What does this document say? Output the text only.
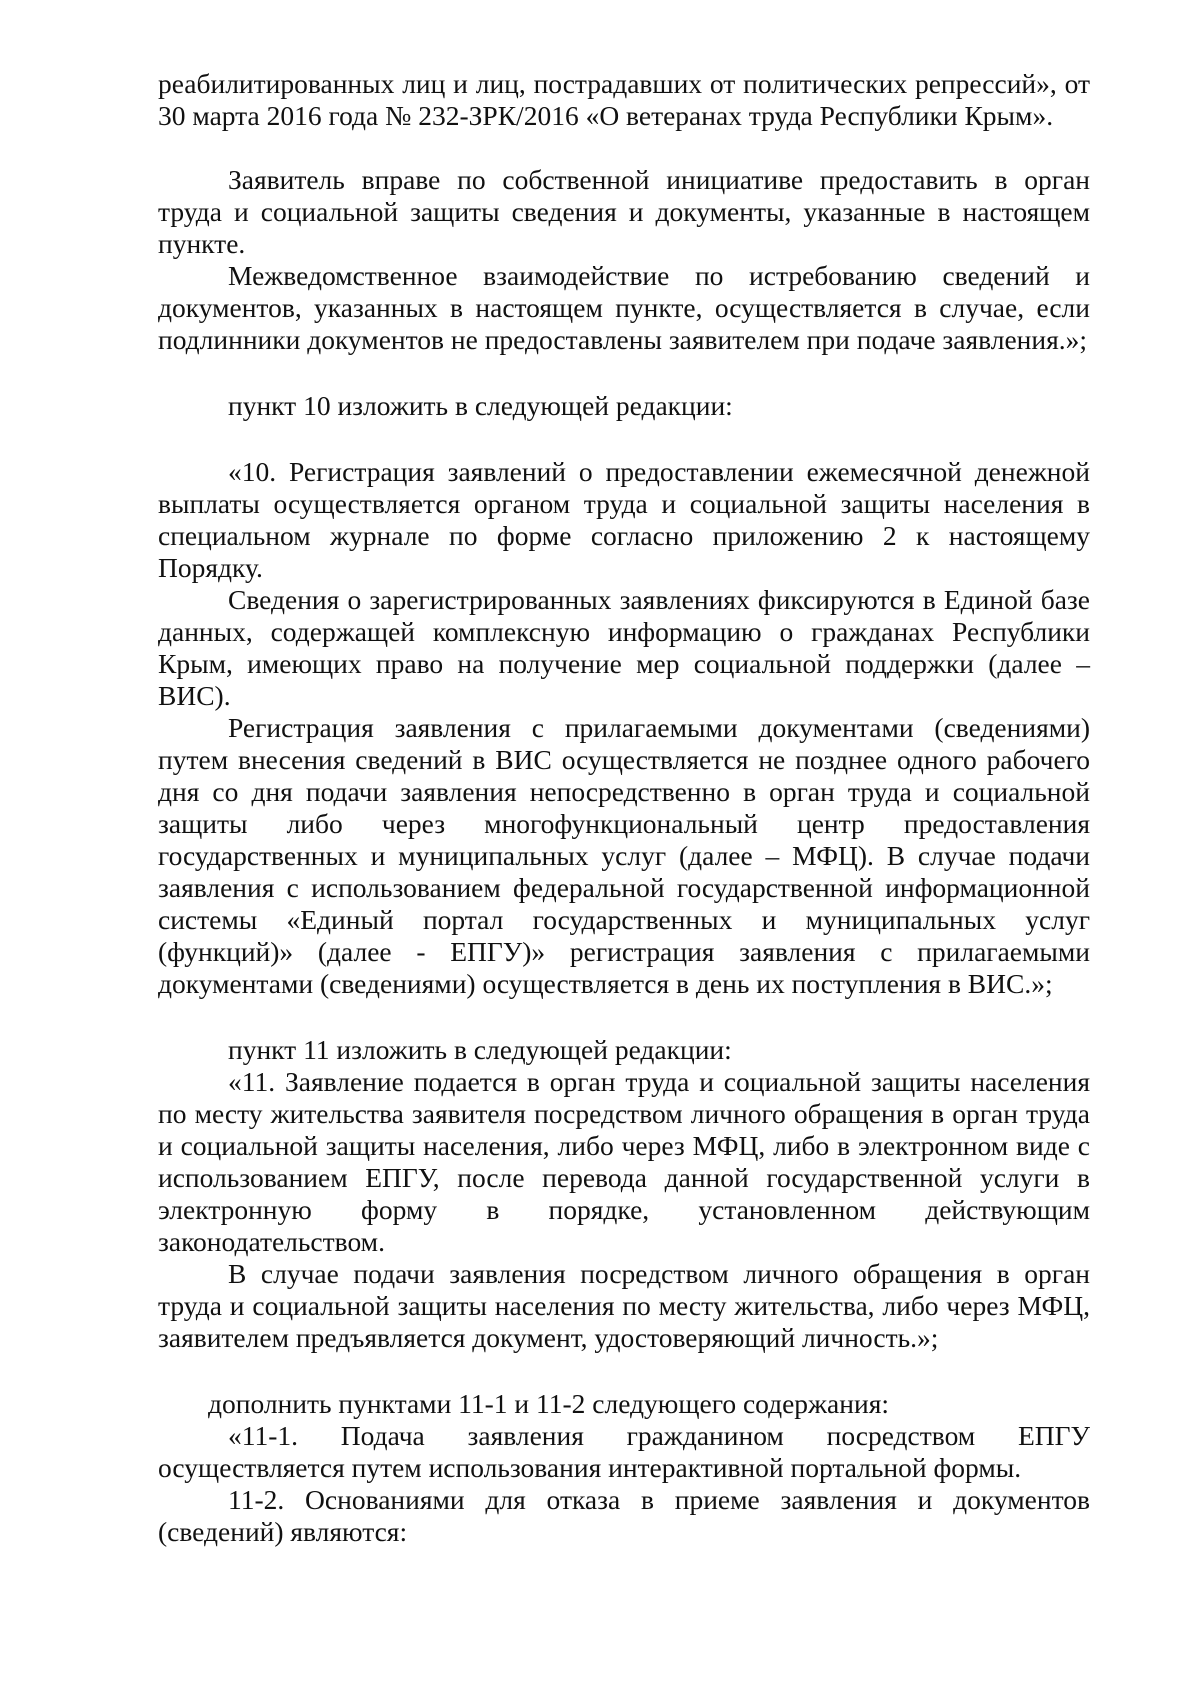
реабилитированных лиц и лиц, пострадавших от политических репрессий», от 30 марта 2016 года № 232-ЗРК/2016 «О ветеранах труда Республики Крым».

Заявитель вправе по собственной инициативе предоставить в орган труда и социальной защиты сведения и документы, указанные в настоящем пункте.

Межведомственное взаимодействие по истребованию сведений и документов, указанных в настоящем пункте, осуществляется в случае, если подлинники документов не предоставлены заявителем при подаче заявления.»;

пункт 10 изложить в следующей редакции:

«10. Регистрация заявлений о предоставлении ежемесячной денежной выплаты осуществляется органом труда и социальной защиты населения в специальном журнале по форме согласно приложению 2 к настоящему Порядку.

Сведения о зарегистрированных заявлениях фиксируются в Единой базе данных, содержащей комплексную информацию о гражданах Республики Крым, имеющих право на получение мер социальной поддержки (далее – ВИС).

Регистрация заявления с прилагаемыми документами (сведениями) путем внесения сведений в ВИС осуществляется не позднее одного рабочего дня со дня подачи заявления непосредственно в орган труда и социальной защиты либо через многофункциональный центр предоставления государственных и муниципальных услуг (далее – МФЦ). В случае подачи заявления с использованием федеральной государственной информационной системы «Единый портал государственных и муниципальных услуг (функций)» (далее - ЕПГУ)» регистрация заявления с прилагаемыми документами (сведениями) осуществляется в день их поступления в ВИС.»;

пункт 11 изложить в следующей редакции:

«11. Заявление подается в орган труда и социальной защиты населения по месту жительства заявителя посредством личного обращения в орган труда и социальной защиты населения, либо через МФЦ, либо в электронном виде с использованием ЕПГУ, после перевода данной государственной услуги в электронную форму в порядке, установленном действующим законодательством.

В случае подачи заявления посредством личного обращения в орган труда и социальной защиты населения по месту жительства, либо через МФЦ, заявителем предъявляется документ, удостоверяющий личность.»;

дополнить пунктами 11-1 и 11-2 следующего содержания:

«11-1. Подача заявления гражданином посредством ЕПГУ осуществляется путем использования интерактивной портальной формы.

11-2. Основаниями для отказа в приеме заявления и документов (сведений) являются:
